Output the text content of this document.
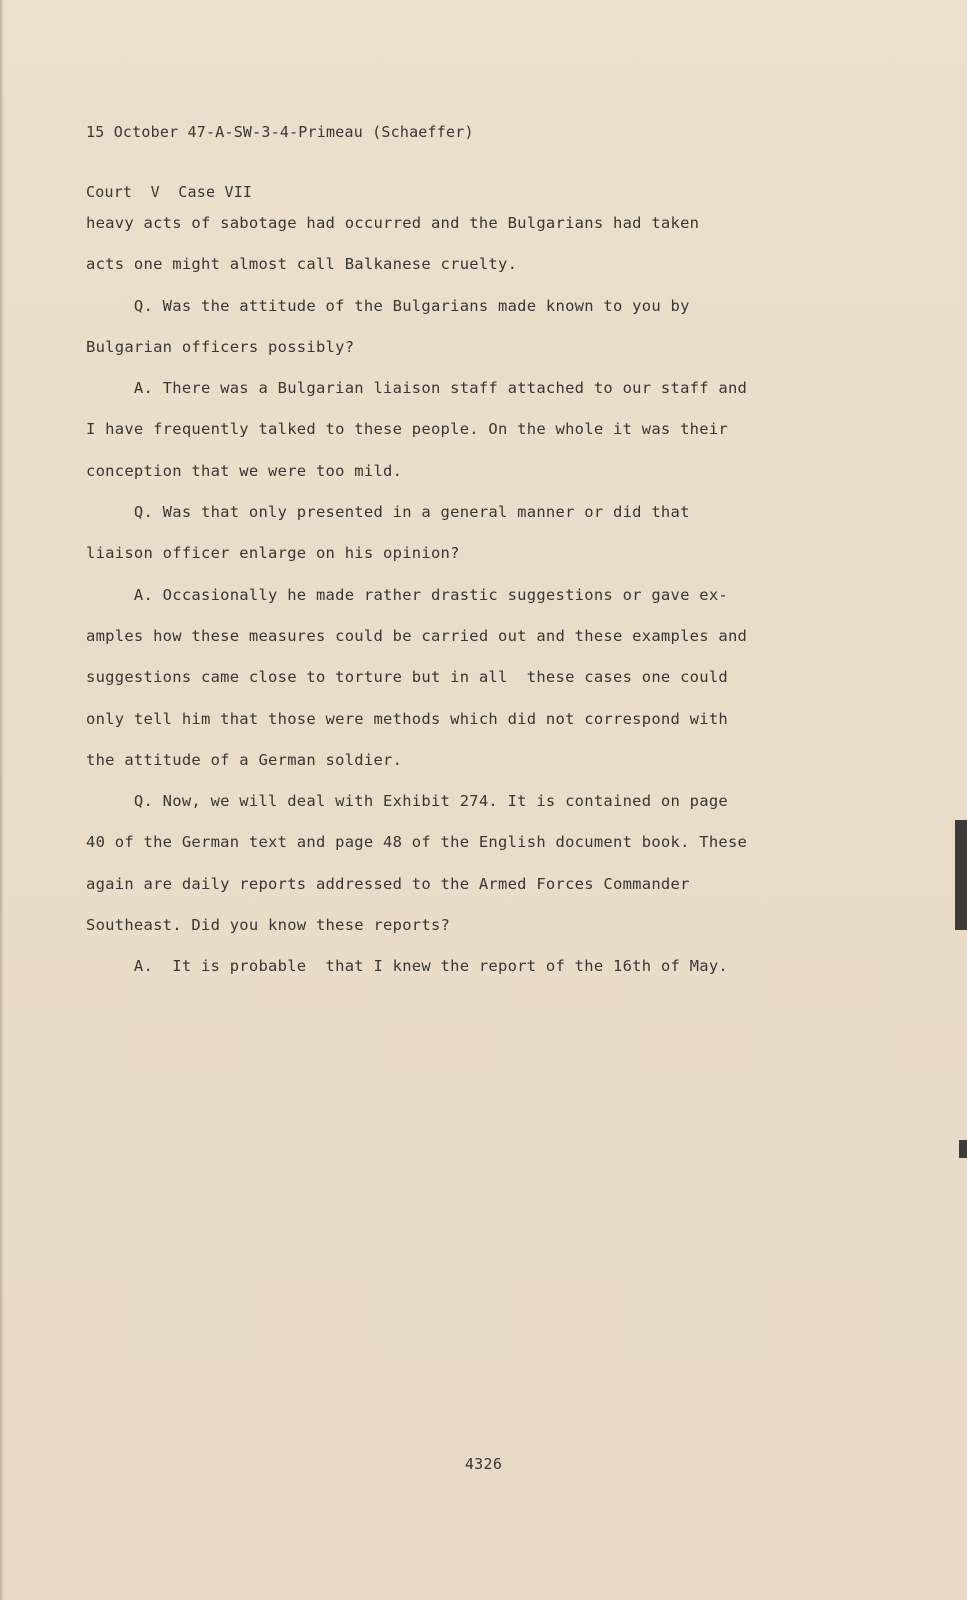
15 October 47-A-SW-3-4-Primeau (Schaeffer)

Court  V  Case VII

heavy acts of sabotage had occurred and the Bulgarians had taken
acts one might almost call Balkanese cruelty.
Q. Was the attitude of the Bulgarians made known to you by
Bulgarian officers possibly?
A. There was a Bulgarian liaison staff attached to our staff and
I have frequently talked to these people. On the whole it was their
conception that we were too mild.
Q. Was that only presented in a general manner or did that
liaison officer enlarge on his opinion?
A. Occasionally he made rather drastic suggestions or gave ex-
amples how these measures could be carried out and these examples and
suggestions came close to torture but in all  these cases one could
only tell him that those were methods which did not correspond with
the attitude of a German soldier.
Q. Now, we will deal with Exhibit 274. It is contained on page
40 of the German text and page 48 of the English document book. These
again are daily reports addressed to the Armed Forces Commander
Southeast. Did you know these reports?
A.  It is probable  that I knew the report of the 16th of May.
4326
